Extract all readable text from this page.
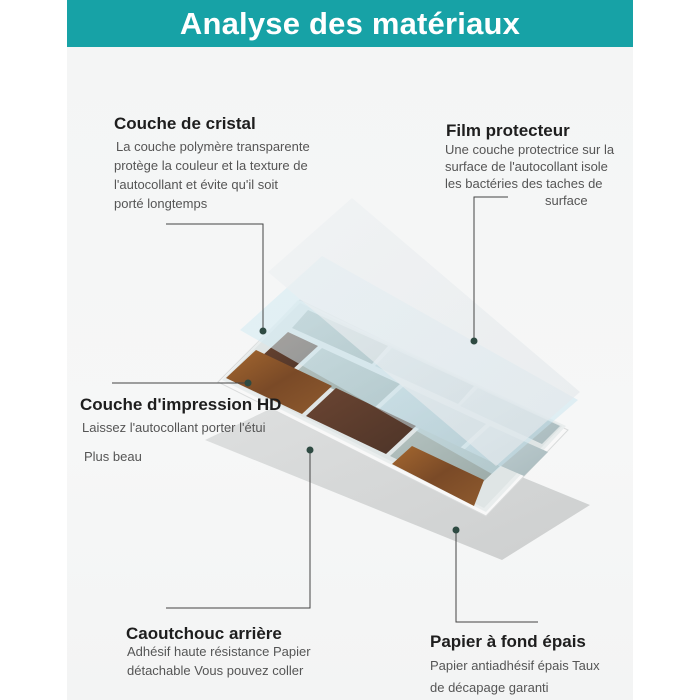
Analyse des matériaux
Couche de cristal
La couche polymère transparente
protège la couleur et la texture de
l'autocollant et évite qu'il soit
porté longtemps
Film protecteur
Une couche protectrice sur la
surface de l'autocollant isole
les bactéries des taches de
surface
Couche d'impression HD
Laissez l'autocollant porter l'étui
Plus beau
Caoutchouc arrière
Adhésif haute résistance Papier
détachable Vous pouvez coller
Papier à fond épais
Papier antiadhésif épais Taux
de décapage garanti
